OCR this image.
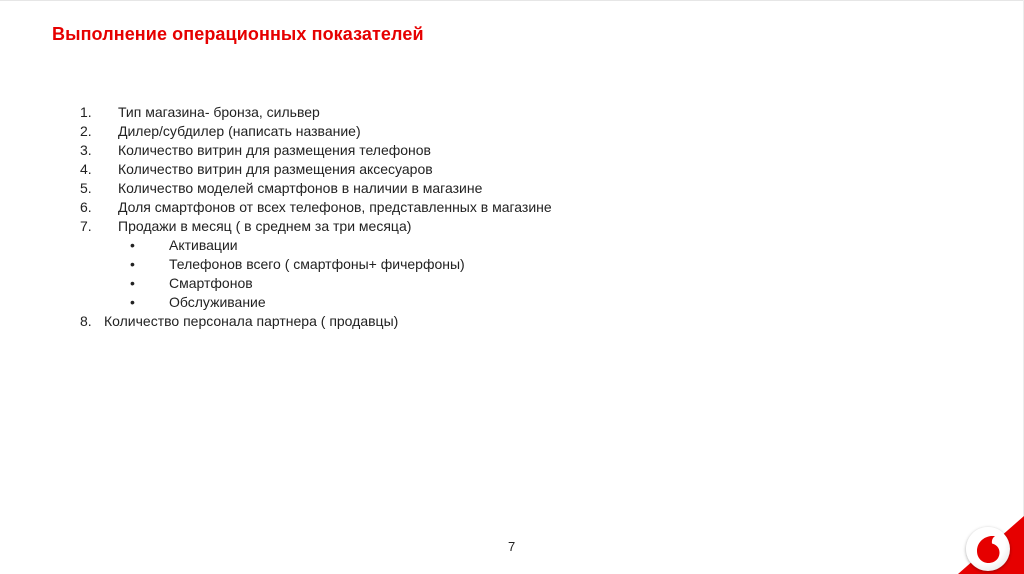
Выполнение операционных показателей
1. Тип магазина- бронза, сильвер
2. Дилер/субдилер (написать название)
3. Количество витрин для размещения телефонов
4. Количество витрин для размещения аксесуаров
5. Количество моделей смартфонов в наличии в магазине
6. Доля смартфонов от всех телефонов, представленных в магазине
7. Продажи в месяц ( в среднем за три месяца)
• Активации
• Телефонов всего ( смартфоны+ фичерфоны)
• Смартфонов
• Обслуживание
8. Количество персонала партнера ( продавцы)
7
